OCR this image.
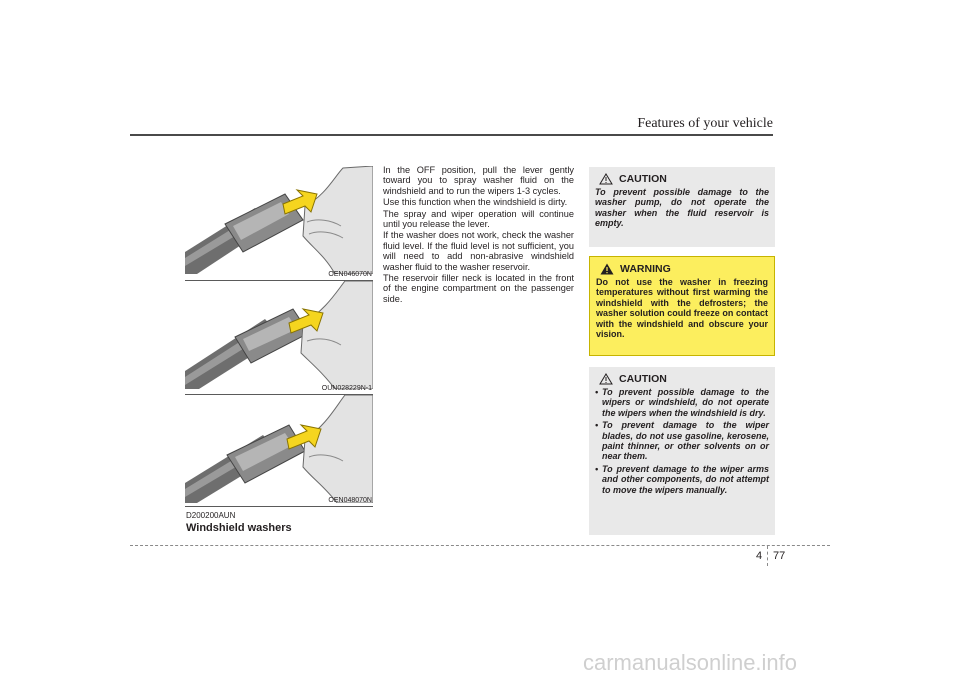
Features of your vehicle
OEN046070N
OUN028229N-1
OEN048070N
D200200AUN
Windshield washers

In the OFF position, pull the lever gently toward you to spray washer fluid on the windshield and to run the wipers 1-3 cycles.

Use this function when the windshield is dirty.

The spray and wiper operation will continue until you release the lever.

If the washer does not work, check the washer fluid level. If the fluid level is not sufficient, you will need to add non-abrasive windshield washer fluid to the washer reservoir.

The reservoir filler neck is located in the front of the engine compartment on the passenger side.

CAUTION
To prevent possible damage to the washer pump, do not operate the washer when the fluid reservoir is empty.
WARNING
Do not use the washer in freezing temperatures without first warming the windshield with the defrosters; the washer solution could freeze on contact with the windshield and obscure your vision.
CAUTION
• To prevent possible damage to the wipers or windshield, do not operate the wipers when the windshield is dry.
• To prevent damage to the wiper blades, do not use gasoline, kerosene, paint thinner, or other solvents on or near them.
• To prevent damage to the wiper arms and other components, do not attempt to move the wipers manually.
4 77
carmanualsonline.info
